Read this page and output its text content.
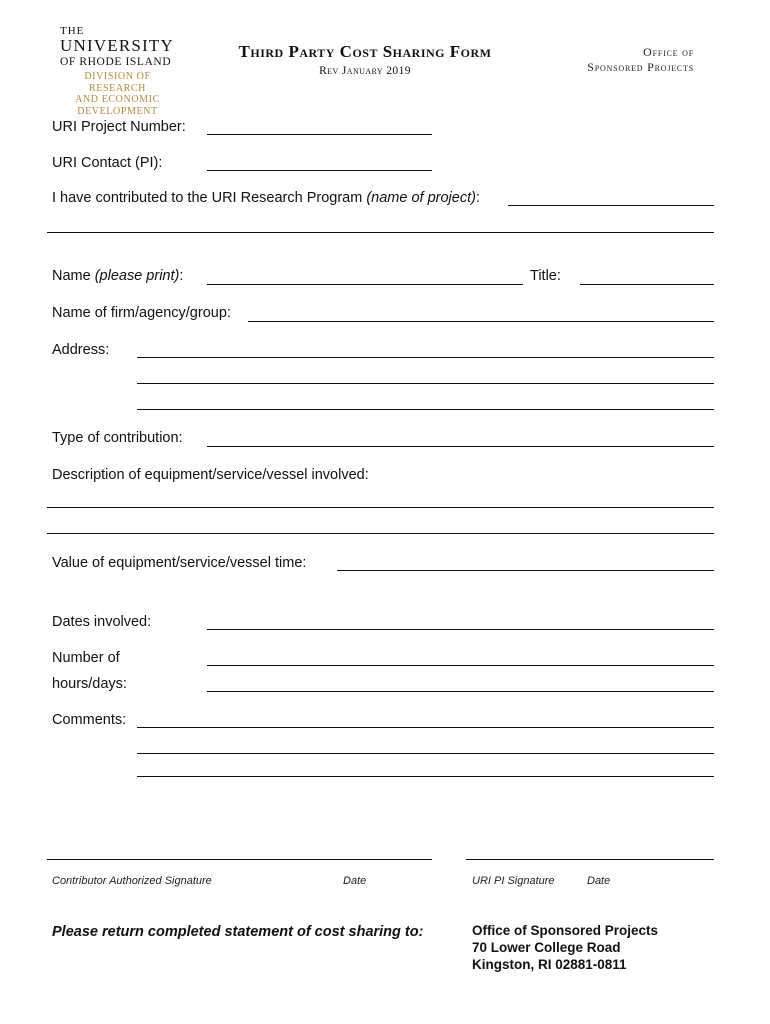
THE
UNIVERSITY
OF RHODE ISLAND
DIVISION OF RESEARCH
AND ECONOMIC
DEVELOPMENT
Third Party Cost Sharing Form
Rev January 2019
Office of
Sponsored Projects
URI Project Number:
URI Contact (PI):
I have contributed to the URI Research Program (name of project):
Name (please print):	Title:
Name of firm/agency/group:
Address:
Type of contribution:
Description of equipment/service/vessel involved:
Value of equipment/service/vessel time:
Dates involved:
Number of
hours/days:
Comments:
Contributor Authorized Signature	Date	URI PI Signature	Date
Please return completed statement of cost sharing to:	Office of Sponsored Projects
70 Lower College Road
Kingston, RI 02881-0811
